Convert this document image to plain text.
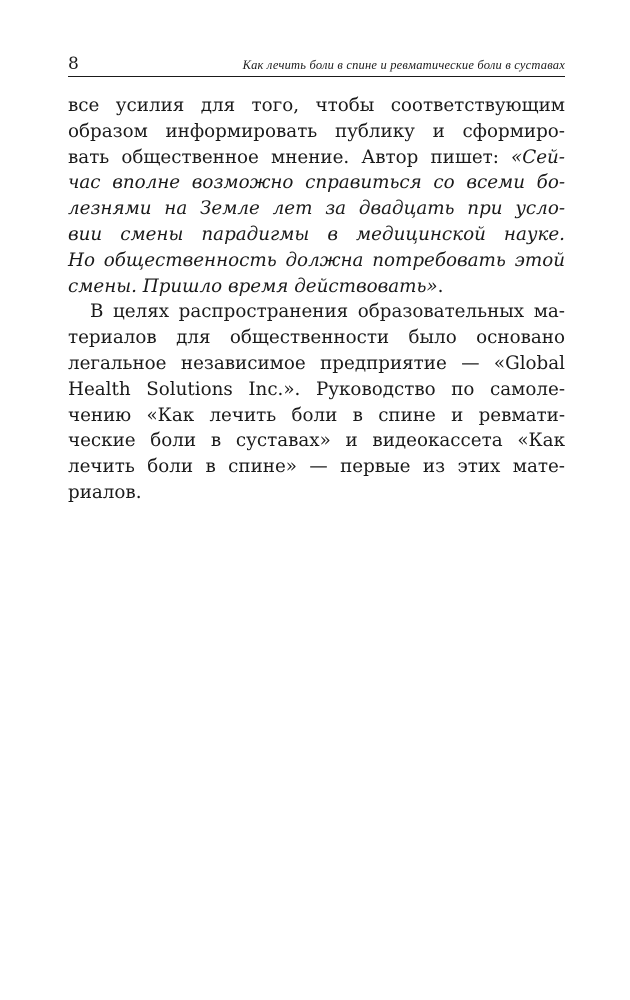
8	Как лечить боли в спине и ревматические боли в суставах
все усилия для того, чтобы соответствующим
образом информировать публику и сформиро-
вать общественное мнение. Автор пишет: «Сей-
час вполне возможно справиться со всеми бо-
лезнями на Земле лет за двадцать при усло-
вии смены парадигмы в медицинской науке.
Но общественность должна потребовать этой
смены. Пришло время действовать».
В целях распространения образовательных ма-
териалов для общественности было основано
легальное независимое предприятие — «Global
Health Solutions Inc.». Руководство по самоле-
чению «Как лечить боли в спине и ревмати-
ческие боли в суставах» и видеокассета «Как
лечить боли в спине» — первые из этих мате-
риалов.
